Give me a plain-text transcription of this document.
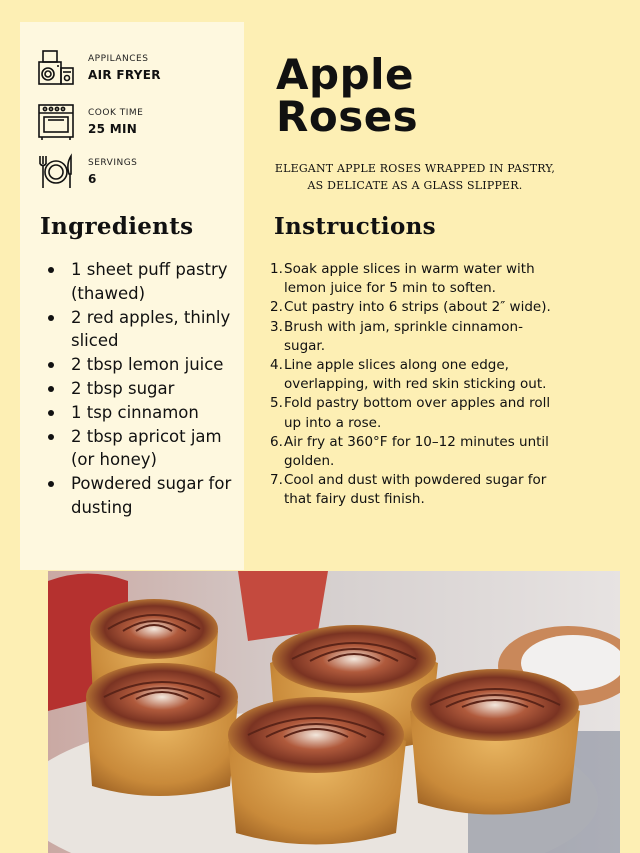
APPILANCES
AIR FRYER
COOK TIME
25 MIN
SERVINGS
6
Ingredients
1 sheet puff pastry (thawed)
2 red apples, thinly sliced
2 tbsp lemon juice
2 tbsp sugar
1 tsp cinnamon
2 tbsp apricot jam (or honey)
Powdered sugar for dusting
Apple
Roses

ELEGANT APPLE ROSES WRAPPED IN PASTRY, AS DELICATE AS A GLASS SLIPPER.

Instructions
1. Soak apple slices in warm water with lemon juice for 5 min to soften.
2. Cut pastry into 6 strips (about 2″ wide).
3. Brush with jam, sprinkle cinnamon-sugar.
4. Line apple slices along one edge, overlapping, with red skin sticking out.
5. Fold pastry bottom over apples and roll up into a rose.
6. Air fry at 360°F for 10–12 minutes until golden.
7. Cool and dust with powdered sugar for that fairy dust finish.
